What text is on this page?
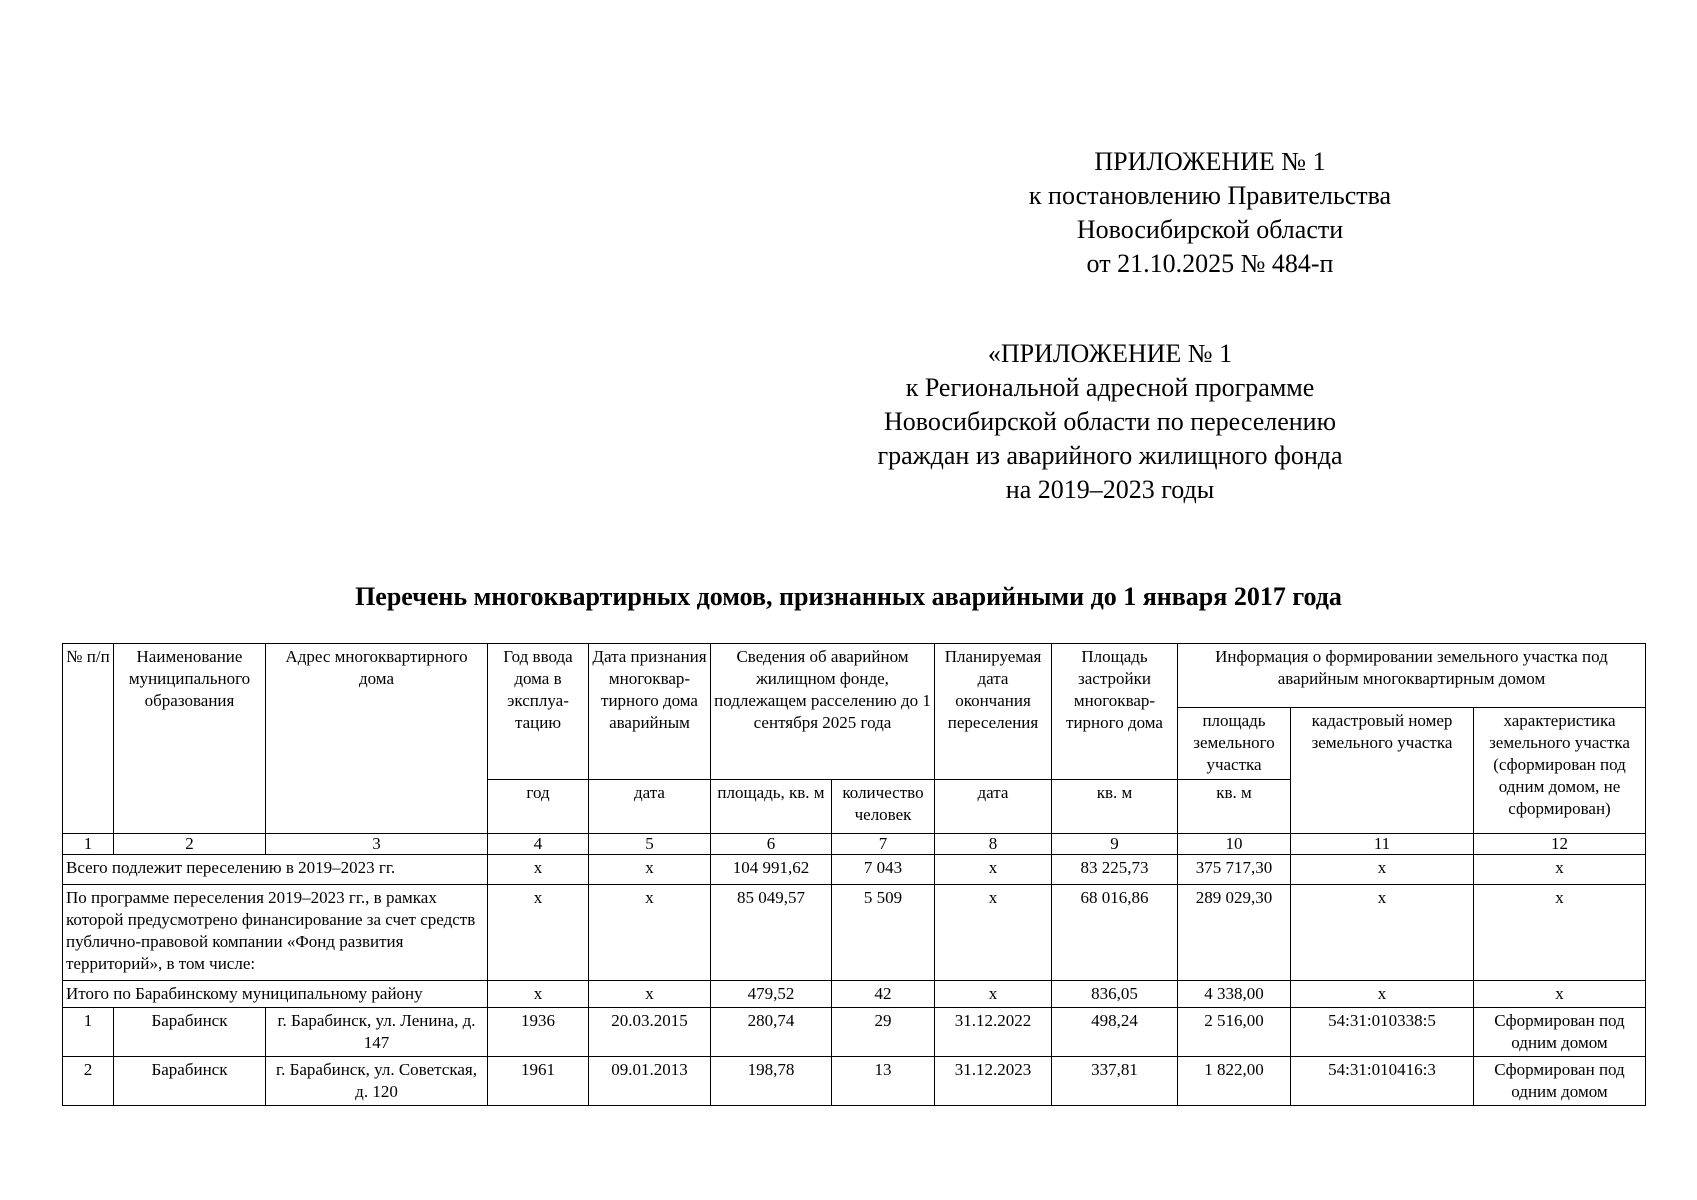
ПРИЛОЖЕНИЕ № 1
к постановлению Правительства
Новосибирской области
от 21.10.2025 № 484-п
«ПРИЛОЖЕНИЕ № 1
к Региональной адресной программе
Новосибирской области по переселению
граждан из аварийного жилищного фонда
на 2019–2023 годы
Перечень многоквартирных домов, признанных аварийными до 1 января 2017 года
№ п/п	Наименование муниципального образования	Адрес многоквартирного дома	Год ввода дома в эксплуа-тацию	Дата признания многоквар-тирного дома аварийным	Сведения об аварийном жилищном фонде, подлежащем расселению до 1 сентября 2025 года		Планируемая дата окончания переселения	Площадь застройки многоквар-тирного дома	Информация о формировании земельного участка под аварийным многоквартирным домом		
									площадь земельного участка	кадастровый номер земельного участка	характеристика земельного участка (сформирован под одним домом, не сформирован)
			год	дата	площадь, кв. м	количество человек	дата	кв. м	кв. м		
1	2	3	4	5	6	7	8	9	10	11	12
Всего подлежит переселению в 2019–2023 гг.			х	х	104 991,62	7 043	х	83 225,73	375 717,30	х	х
По программе переселения 2019–2023 гг., в рамках которой предусмотрено финансирование за счет средств публично-правовой компании «Фонд развития территорий», в том числе:			х	х	85 049,57	5 509	х	68 016,86	289 029,30	х	х
Итого по Барабинскому муниципальному району			х	х	479,52	42	х	836,05	4 338,00	х	х
1	Барабинск	г. Барабинск, ул. Ленина, д. 147	1936	20.03.2015	280,74	29	31.12.2022	498,24	2 516,00	54:31:010338:5	Сформирован под одним домом
2	Барабинск	г. Барабинск, ул. Советская, д. 120	1961	09.01.2013	198,78	13	31.12.2023	337,81	1 822,00	54:31:010416:3	Сформирован под одним домом
